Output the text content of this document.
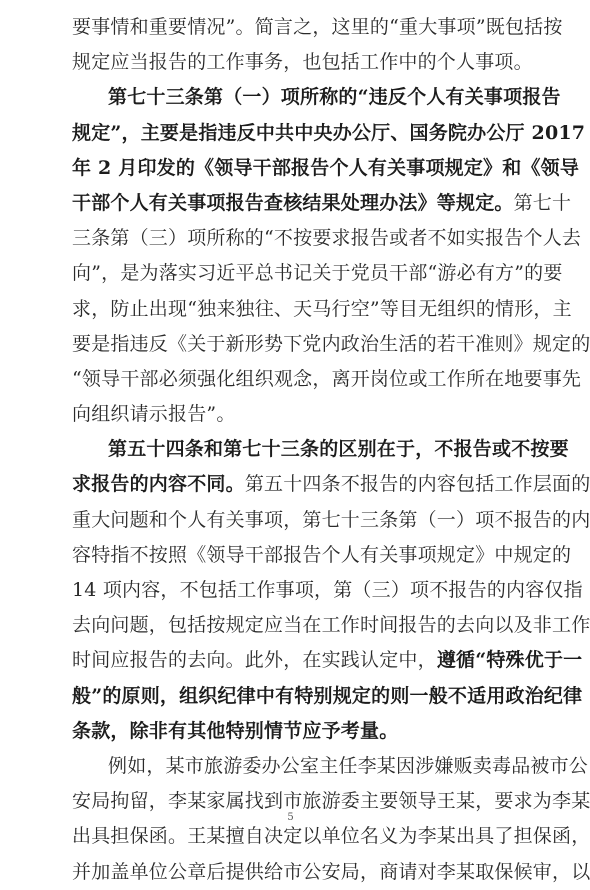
要事情和重要情况”。简言之，这里的“重大事项”既包括按
规定应当报告的工作事务，也包括工作中的个人事项。
第七十三条第（一）项所称的“违反个人有关事项报告
规定”，主要是指违反中共中央办公厅、国务院办公厅 2017
年 2 月印发的《领导干部报告个人有关事项规定》和《领导
干部个人有关事项报告查核结果处理办法》等规定。第七十
三条第（三）项所称的“不按要求报告或者不如实报告个人去
向”，是为落实习近平总书记关于党员干部“游必有方”的要
求，防止出现“独来独往、天马行空”等目无组织的情形，主
要是指违反《关于新形势下党内政治生活的若干准则》规定的
“领导干部必须强化组织观念，离开岗位或工作所在地要事先
向组织请示报告”。
第五十四条和第七十三条的区别在于，不报告或不按要
求报告的内容不同。第五十四条不报告的内容包括工作层面的
重大问题和个人有关事项，第七十三条第（一）项不报告的内
容特指不按照《领导干部报告个人有关事项规定》中规定的
14 项内容，不包括工作事项，第（三）项不报告的内容仅指
去向问题，包括按规定应当在工作时间报告的去向以及非工作
时间应报告的去向。此外，在实践认定中，遵循“特殊优于一
般”的原则，组织纪律中有特别规定的则一般不适用政治纪律
条款，除非有其他特别情节应予考量。
例如，某市旅游委办公室主任李某因涉嫌贩卖毒品被市公
安局拘留，李某家属找到市旅游委主要领导王某，要求为李某
出具担保函。王某擅自决定以单位名义为李某出具了担保函，
并加盖单位公章后提供给市公安局，商请对李某取保候审，以
5
